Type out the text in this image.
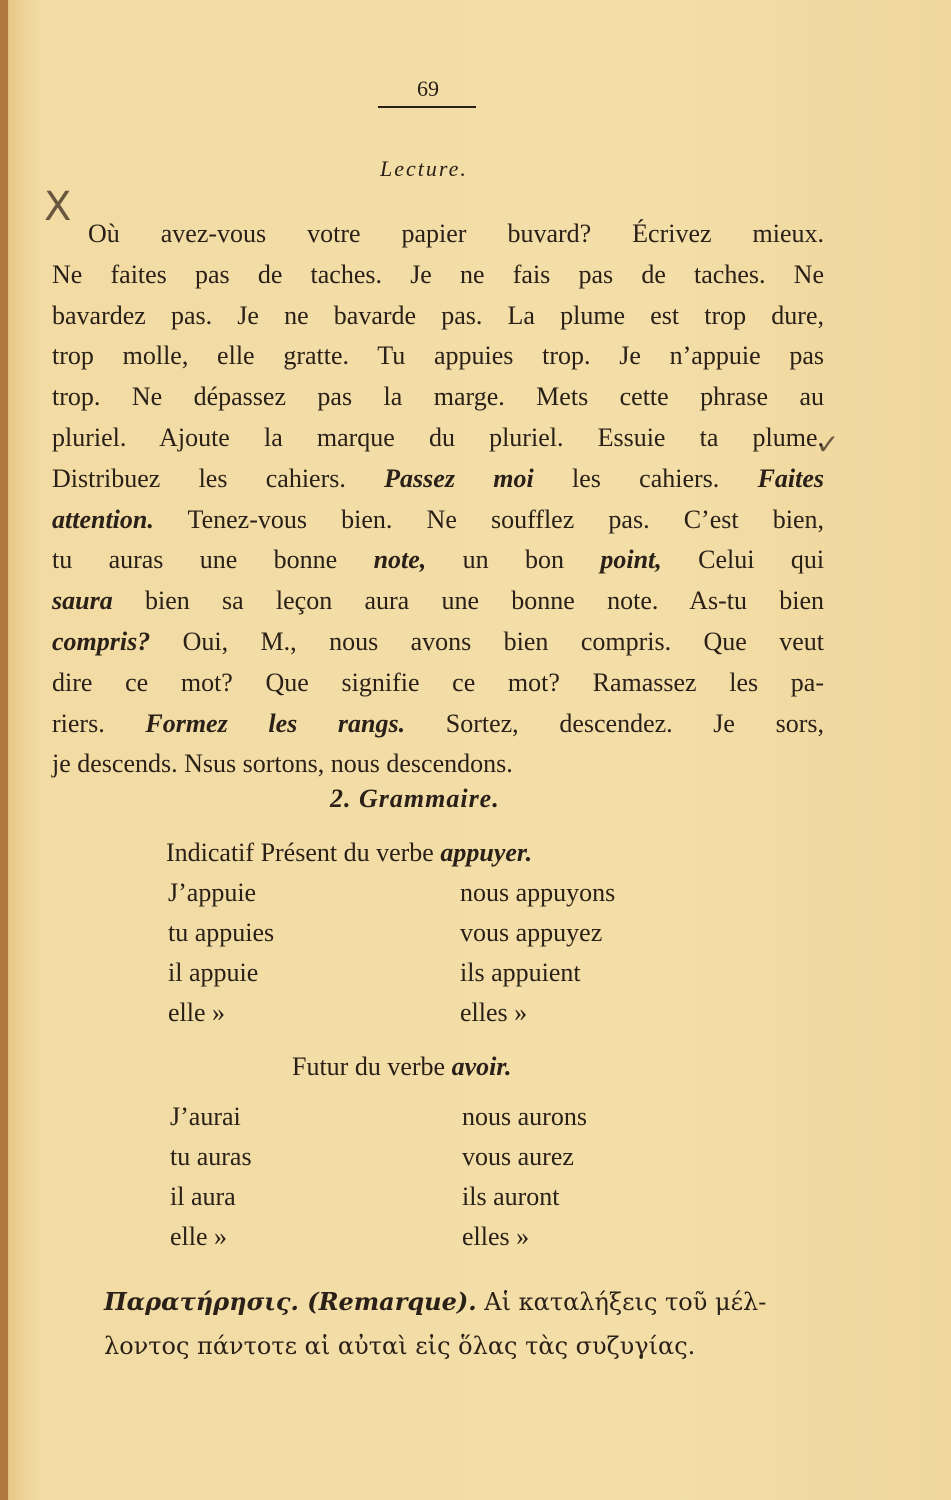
69
Lecture.
X
✓

Où avez-vous votre papier buvard? Écrivez mieux.
Ne faites pas de taches. Je ne fais pas de taches. Ne
bavardez pas. Je ne bavarde pas. La plume est trop dure,
trop molle, elle gratte. Tu appuies trop. Je n’appuie pas
trop. Ne dépassez pas la marge. Mets cette phrase au
pluriel. Ajoute la marque du pluriel. Essuie ta plume.
Distribuez les cahiers. Passez moi les cahiers. Faites
attention. Tenez-vous bien. Ne soufflez pas. C’est bien,
tu auras une bonne note, un bon point, Celui qui
saura bien sa leçon aura une bonne note. As-tu bien
compris? Oui, M., nous avons bien compris. Que veut
dire ce mot? Que signifie ce mot? Ramassez les pa-
riers. Formez les rangs. Sortez, descendez. Je sors,
je descends. Nsus sortons, nous descendons.

2. Grammaire.
Indicatif Présent du verbe appuyer.
J’appuie	nous appuyons
tu appuies	vous appuyez
il appuie	ils appuient
elle »	elles »
Futur du verbe avoir.
J’aurai	nous aurons
tu auras	vous aurez
il aura	ils auront
elle »	elles »
Παρατήρησις. (Remarque). Αἱ καταλήξεις τοῦ μέλ-
λοντος πάντοτε αἱ αὐταὶ εἰς ὅλας τὰς συζυγίας.
